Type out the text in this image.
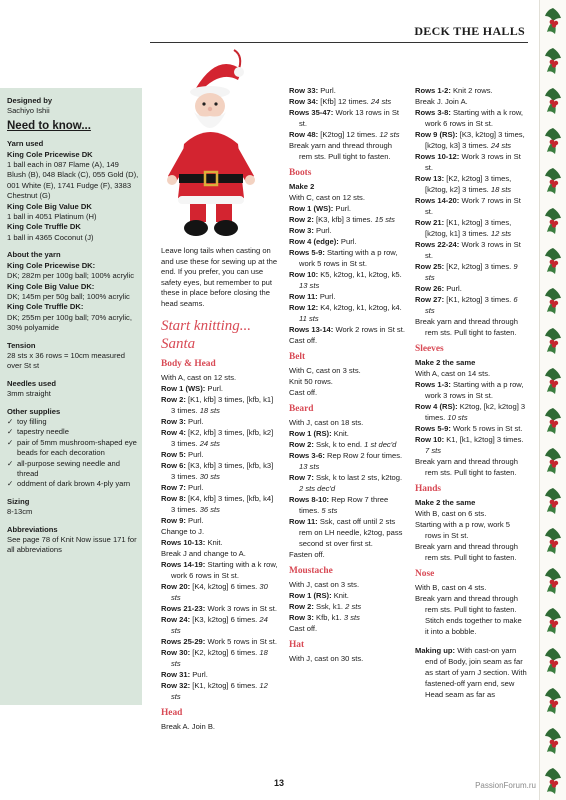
DECK THE HALLS
Designed by
Sachiyo Ishii
Need to know...
Yarn used
King Cole Pricewise DK
1 ball each in 087 Flame (A), 149 Blush (B), 048 Black (C), 055 Gold (D), 001 White (E), 1741 Fudge (F), 3383 Chestnut (G)
King Cole Big Value DK
1 ball in 4051 Platinum (H)
King Cole Truffle DK
1 ball in 4365 Coconut (J)
About the yarn
King Cole Pricewise DK:
DK; 282m per 100g ball; 100% acrylic
King Cole Big Value DK:
DK; 145m per 50g ball; 100% acrylic
King Cole Truffle DK:
DK; 255m per 100g ball; 70% acrylic, 30% polyamide
Tension
28 sts x 36 rows = 10cm measured over St st
Needles used
3mm straight
Other supplies
✓ toy filling
✓ tapestry needle
✓ pair of 5mm mushroom-shaped eye beads for each decoration
✓ all-purpose sewing needle and thread
✓ oddment of dark brown 4-ply yarn
Sizing
8-13cm
Abbreviations
See page 78 of Knit Now issue 171 for all abbreviations
Leave long tails when casting on and use these for sewing up at the end. If you prefer, you can use safety eyes, but remember to put these in place before closing the head seams.
Start knitting...
Santa
Body & Head
With A, cast on 12 sts.
Row 1 (WS): Purl.
Row 2: [K1, kfb] 3 times, [kfb, k1] 3 times. 18 sts
Row 3: Purl.
Row 4: [K2, kfb] 3 times, [kfb, k2] 3 times. 24 sts
Row 5: Purl.
Row 6: [K3, kfb] 3 times, [kfb, k3] 3 times. 30 sts
Row 7: Purl.
Row 8: [K4, kfb] 3 times, [kfb, k4] 3 times. 36 sts
Row 9: Purl.
Change to J.
Rows 10-13: Knit.
Break J and change to A.
Rows 14-19: Starting with a k row, work 6 rows in St st.
Row 20: [K4, k2tog] 6 times. 30 sts
Rows 21-23: Work 3 rows in St st.
Row 24: [K3, k2tog] 6 times. 24 sts
Rows 25-29: Work 5 rows in St st.
Row 30: [K2, k2tog] 6 times. 18 sts
Row 31: Purl.
Row 32: [K1, k2tog] 6 times. 12 sts
Head
Break A. Join B.
Row 33: Purl.
Row 34: [Kfb] 12 times. 24 sts
Rows 35-47: Work 13 rows in St st.
Row 48: [K2tog] 12 times. 12 sts
Break yarn and thread through rem sts. Pull tight to fasten.
Boots
Make 2
With C, cast on 12 sts.
Row 1 (WS): Purl.
Row 2: [K3, kfb] 3 times. 15 sts
Row 3: Purl.
Row 4 (edge): Purl.
Rows 5-9: Starting with a p row, work 5 rows in St st.
Row 10: K5, k2tog, k1, k2tog, k5. 13 sts
Row 11: Purl.
Row 12: K4, k2tog, k1, k2tog, k4. 11 sts
Rows 13-14: Work 2 rows in St st.
Cast off.
Belt
With C, cast on 3 sts.
Knit 50 rows.
Cast off.
Beard
With J, cast on 18 sts.
Row 1 (RS): Knit.
Row 2: Ssk, k to end. 1 st dec'd
Rows 3-6: Rep Row 2 four times. 13 sts
Row 7: Ssk, k to last 2 sts, k2tog. 2 sts dec'd
Rows 8-10: Rep Row 7 three times. 5 sts
Row 11: Ssk, cast off until 2 sts rem on LH needle, k2tog, pass second st over first st.
Fasten off.
Moustache
With J, cast on 3 sts.
Row 1 (RS): Knit.
Row 2: Ssk, k1. 2 sts
Row 3: Kfb, k1. 3 sts
Cast off.
Hat
With J, cast on 30 sts.
Rows 1-2: Knit 2 rows.
Break J. Join A.
Rows 3-8: Starting with a k row, work 6 rows in St st.
Row 9 (RS): [K3, k2tog] 3 times, [k2tog, k3] 3 times. 24 sts
Rows 10-12: Work 3 rows in St st.
Row 13: [K2, k2tog] 3 times, [k2tog, k2] 3 times. 18 sts
Rows 14-20: Work 7 rows in St st.
Row 21: [K1, k2tog] 3 times, [k2tog, k1] 3 times. 12 sts
Rows 22-24: Work 3 rows in St st.
Row 25: [K2, k2tog] 3 times. 9 sts
Row 26: Purl.
Row 27: [K1, k2tog] 3 times. 6 sts
Break yarn and thread through rem sts. Pull tight to fasten.
Sleeves
Make 2 the same
With A, cast on 14 sts.
Rows 1-3: Starting with a p row, work 3 rows in St st.
Row 4 (RS): K2tog, [k2, k2tog] 3 times. 10 sts
Rows 5-9: Work 5 rows in St st.
Row 10: K1, [k1, k2tog] 3 times. 7 sts
Break yarn and thread through rem sts. Pull tight to fasten.
Hands
Make 2 the same
With B, cast on 6 sts.
Starting with a p row, work 5 rows in St st.
Break yarn and thread through rem sts. Pull tight to fasten.
Nose
With B, cast on 4 sts.
Break yarn and thread through rem sts. Pull tight to fasten. Stitch ends together to make it into a bobble.
Making up: With cast-on yarn end of Body, join seam as far as start of yarn J section. With fastened-off yarn end, sew Head seam as far as
13	PassionForum.ru
